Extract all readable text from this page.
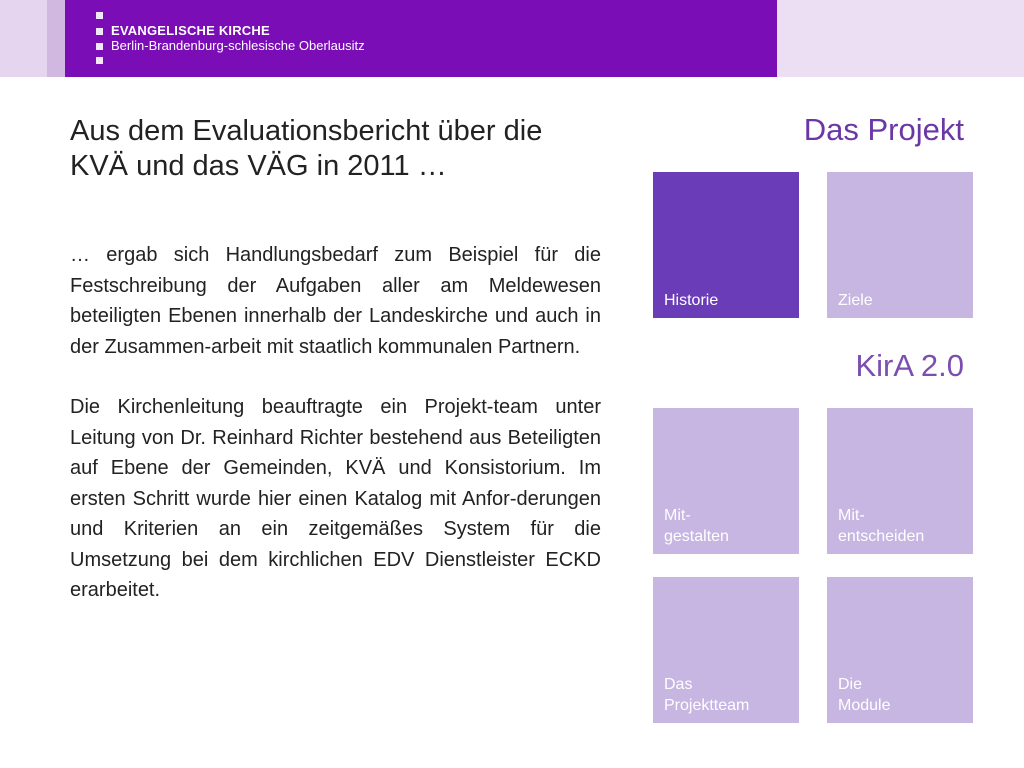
EVANGELISCHE KIRCHE
Berlin-Brandenburg-schlesische Oberlausitz
Aus dem Evaluationsbericht über die KVÄ und das VÄG in 2011 …

… ergab sich Handlungsbedarf zum Beispiel für die Festschreibung der Aufgaben aller am Meldewesen beteiligten Ebenen innerhalb der Landeskirche und auch in der Zusammen-arbeit mit staatlich kommunalen Partnern.

Die Kirchenleitung beauftragte ein Projekt-team unter Leitung von Dr. Reinhard Richter bestehend aus Beteiligten auf Ebene der Gemeinden, KVÄ und Konsistorium. Im ersten Schritt wurde hier einen Katalog mit Anfor-derungen und Kriterien an ein zeitgemäßes System für die Umsetzung bei dem kirchlichen EDV Dienstleister ECKD erarbeitet.

Das Projekt
KirA 2.0
Historie	Ziele
Mit-
gestalten
Mit-
entscheiden
Das
Projektteam
Die
Module
